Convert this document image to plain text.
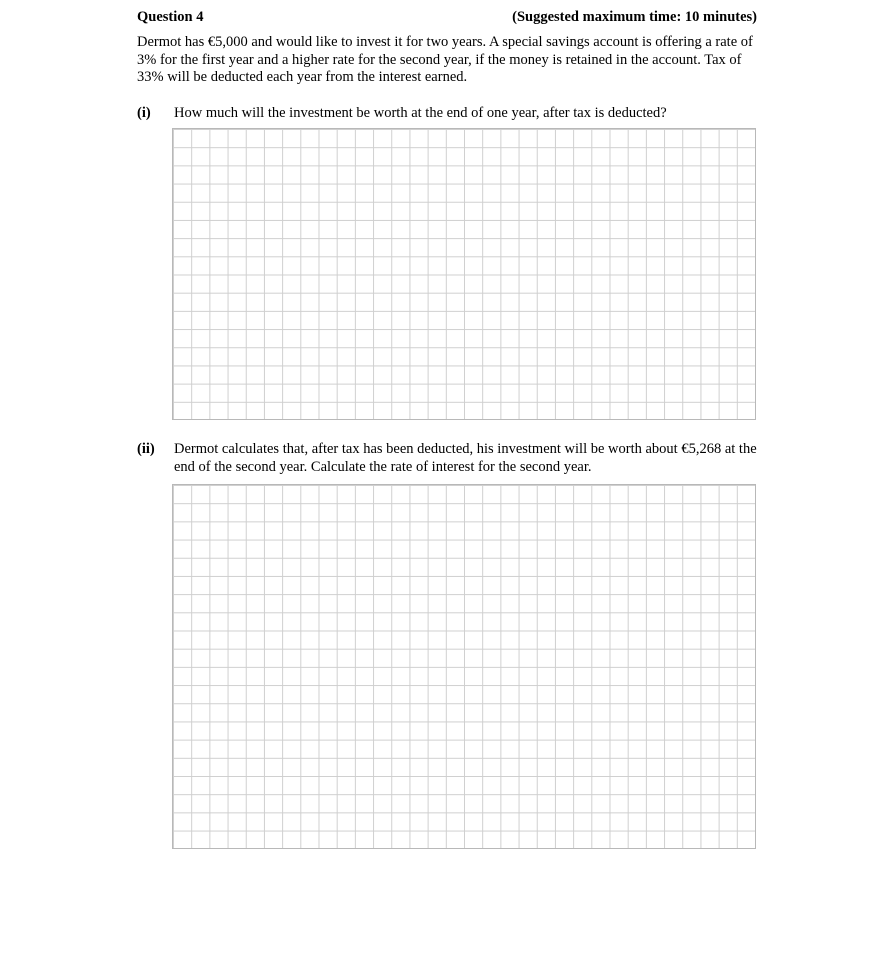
Question 4	(Suggested maximum time: 10 minutes)

Dermot has €5,000 and would like to invest it for two years. A special savings account is offering a rate of 3% for the first year and a higher rate for the second year, if the money is retained in the account. Tax of 33% will be deducted each year from the interest earned.

(i) How much will the investment be worth at the end of one year, after tax is deducted?
(ii) Dermot calculates that, after tax has been deducted, his investment will be worth about €5,268 at the end of the second year. Calculate the rate of interest for the second year.
